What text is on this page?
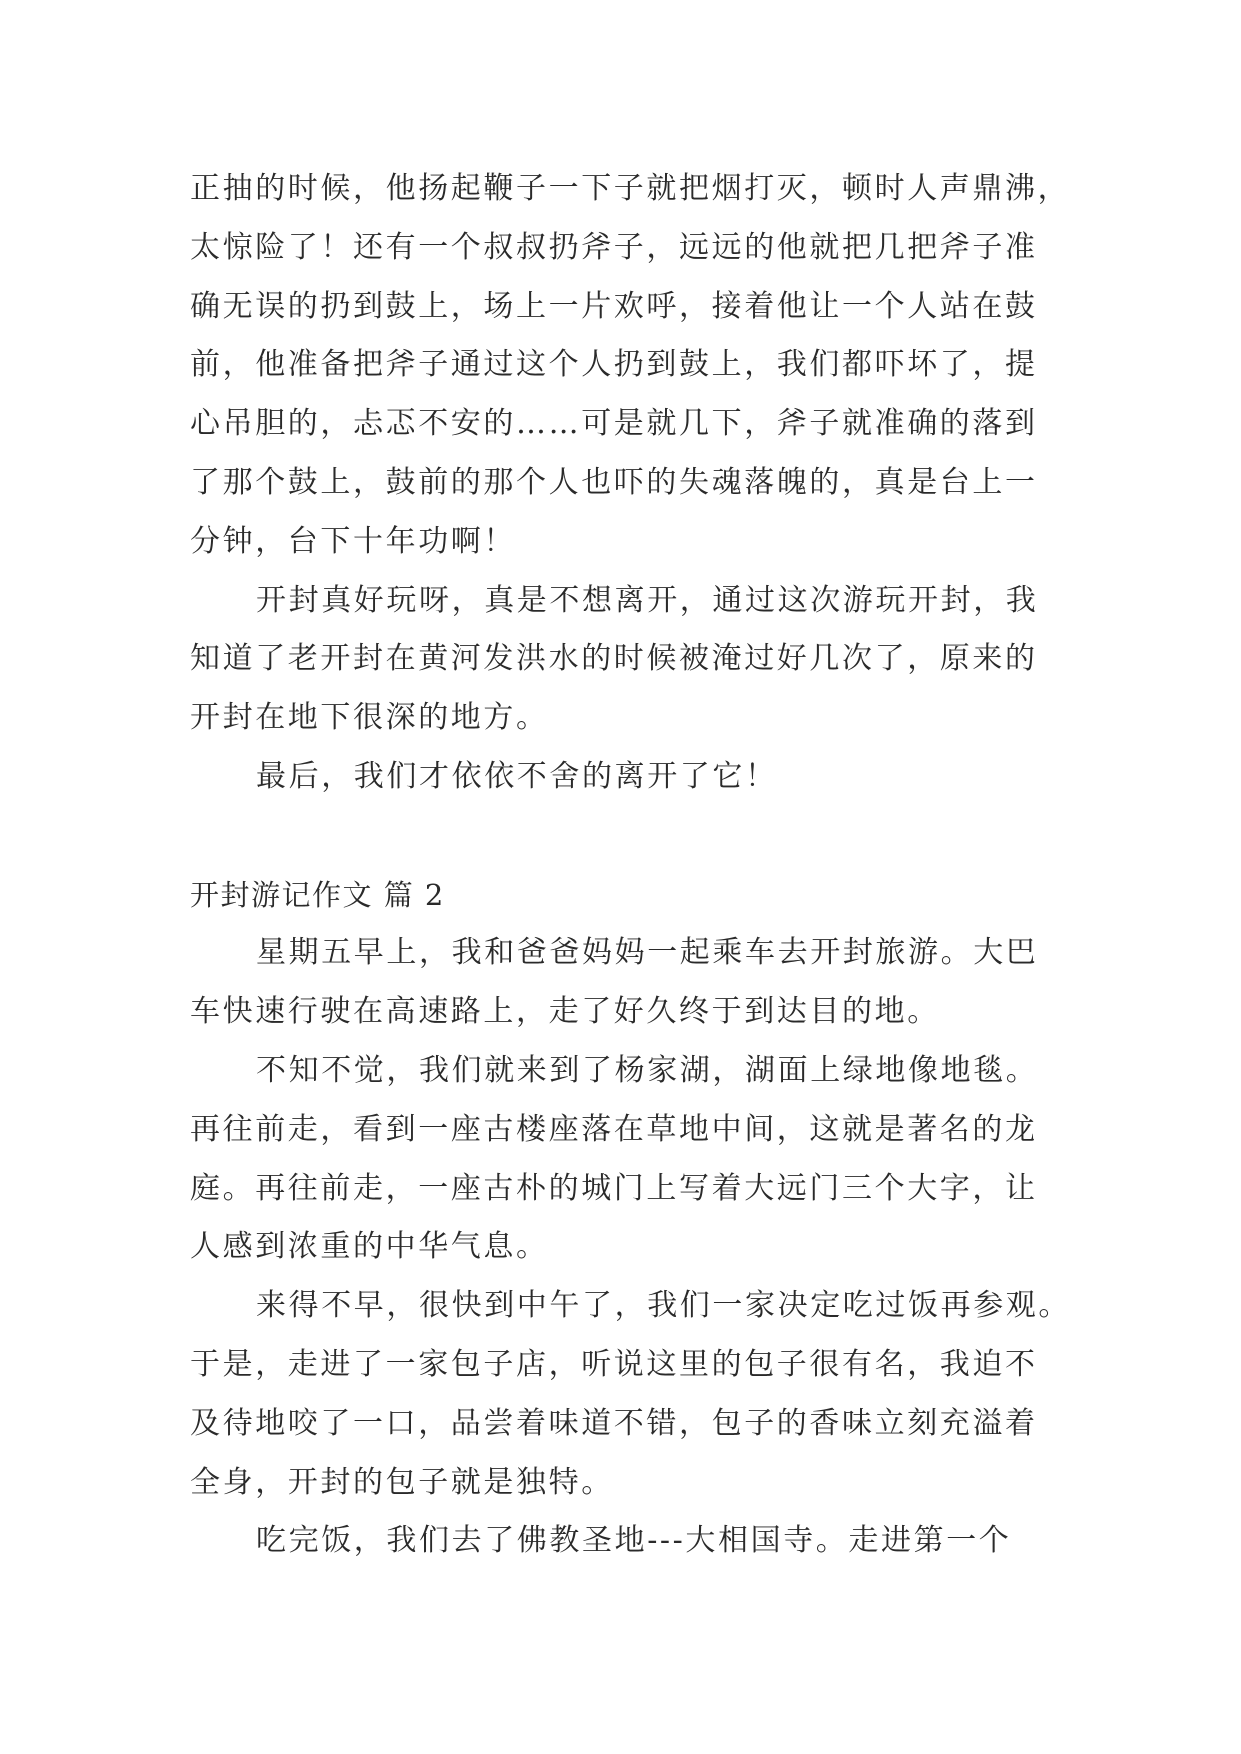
正抽的时候，他扬起鞭子一下子就把烟打灭，顿时人声鼎沸，
太惊险了！还有一个叔叔扔斧子，远远的他就把几把斧子准
确无误的扔到鼓上，场上一片欢呼，接着他让一个人站在鼓
前，他准备把斧子通过这个人扔到鼓上，我们都吓坏了，提
心吊胆的，忐忑不安的……可是就几下，斧子就准确的落到
了那个鼓上，鼓前的那个人也吓的失魂落魄的，真是台上一
分钟，台下十年功啊！
开封真好玩呀，真是不想离开，通过这次游玩开封，我
知道了老开封在黄河发洪水的时候被淹过好几次了，原来的
开封在地下很深的地方。
最后，我们才依依不舍的离开了它！
开封游记作文 篇 2
星期五早上，我和爸爸妈妈一起乘车去开封旅游。大巴
车快速行驶在高速路上，走了好久终于到达目的地。
不知不觉，我们就来到了杨家湖，湖面上绿地像地毯。
再往前走，看到一座古楼座落在草地中间，这就是著名的龙
庭。再往前走，一座古朴的城门上写着大远门三个大字，让
人感到浓重的中华气息。
来得不早，很快到中午了，我们一家决定吃过饭再参观。
于是，走进了一家包子店，听说这里的包子很有名，我迫不
及待地咬了一口，品尝着味道不错，包子的香味立刻充溢着
全身，开封的包子就是独特。
吃完饭，我们去了佛教圣地---大相国寺。走进第一个
